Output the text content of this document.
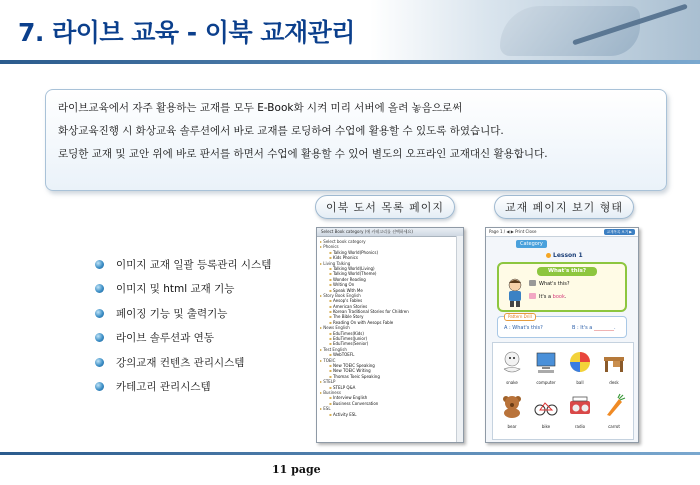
7. 라이브 교육 - 이북 교재관리

라이브교육에서 자주 활용하는 교재를 모두 E-Book화 시켜 미리 서버에 올려 놓음으로써

화상교육진행 시 화상교육 솔루션에서 바로 교재를 로딩하여 수업에 활용할 수 있도록 하였습니다.

로딩한 교재 및 교안 위에 바로 판서를 하면서 수업에 활용할 수 있어 별도의 오프라인 교재대신 활용합니다.

이북 도서 목록 페이지	교재 페이지 보기 형태
이미지 교재 일괄 등록관리 시스템
이미지 및 html 교재 기능
페이징 기능 및 출력기능
라이브 솔루션과 연동
강의교재 컨텐츠 관리시스템
카테고리 관리시스템
Select Book category (에 카테고리를 선택하세요)
▸ Select book category
▸ Phonics
▪ Talking World(Phonics)
▪ Kids Phonics
▸ Living Talking
▪ Talking World(Living)
▪ Talking World(Theme)
▪ Wonder Reading
▪ Writing On
▪ Speak With Me
▸ Story Book English
▪ Aesop's Fables
▪ American Stories
▪ Korean Traditional Stories for Children
▪ The Bible Story
▪ Reading On with Aesops Fable
▸ News English
▪ EduTimes(Kids)
▪ EduTimes(Junior)
▪ EduTimes(Senior)
▸ Test English
▪ WebTOEFL
▸ TOEIC
▪ New TOEIC Speaking
▪ New TOEIC Writing
▪ Thomas Toeic Speaking
▸ STELP
▪ STELP Q&A
▸ Business
▪ Interview English
▪ Business Conversation
▸ ESL
▪ Activity ESL
Page 1 / ◀ ▶ Print Close	교재목록 보기 ▶
Category
Lesson 1
What's this?
What's this?
It's a book.
Pattern Drill
A : What's this?	B : It's a ________.
snake	computer	ball	desk
bear	bike	radio	carrot
11 page
